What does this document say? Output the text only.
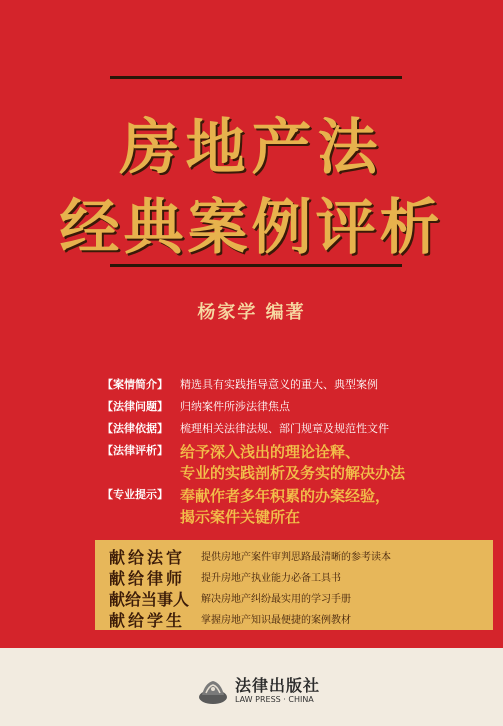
房地产法
经典案例评析
杨家学 编著
【案情简介】 精选具有实践指导意义的重大、典型案例
【法律问题】 归纳案件所涉法律焦点
【法律依据】 梳理相关法律法规、部门规章及规范性文件
【法律评析】 给予深入浅出的理论诠释、
专业的实践剖析及务实的解决办法
【专业提示】 奉献作者多年积累的办案经验，
揭示案件关键所在
献给法官 提供房地产案件审判思路最清晰的参考读本
献给律师 提升房地产执业能力必备工具书
献给当事人 解决房地产纠纷最实用的学习手册
献给学生 掌握房地产知识最便捷的案例教材
法律出版社
LAW PRESS · CHINA
